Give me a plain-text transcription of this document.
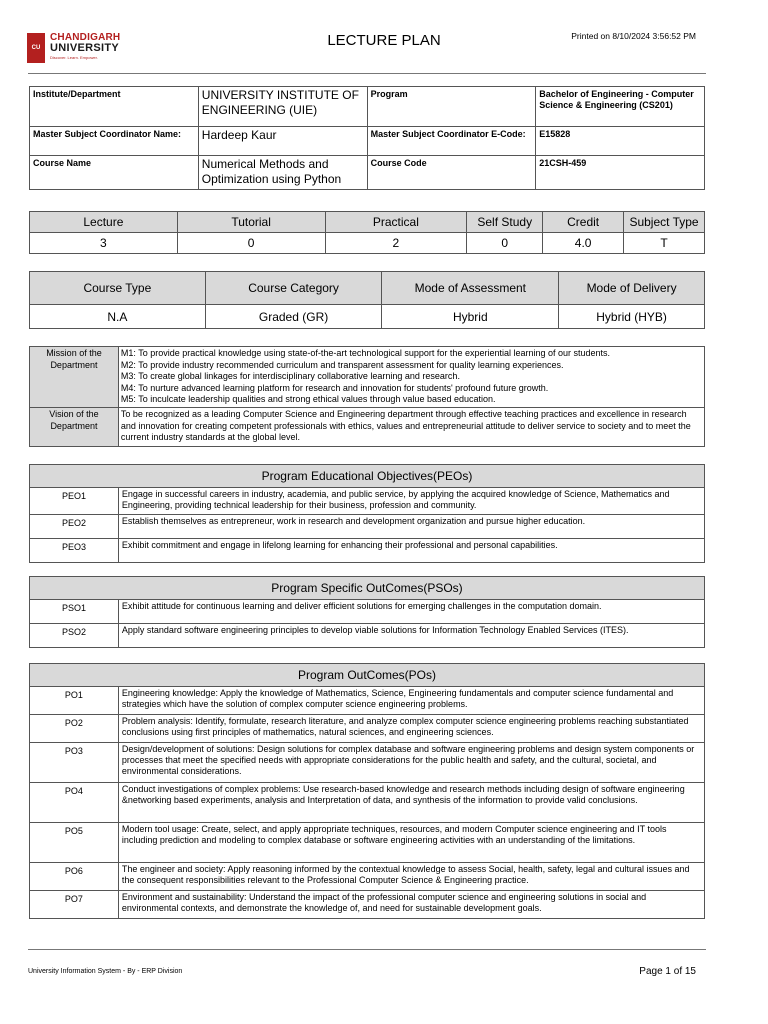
CU
CHANDIGARH
UNIVERSITY
Discover. Learn. Empower.
LECTURE PLAN	Printed on 8/10/2024 3:56:52 PM
Institute/Department	UNIVERSITY INSTITUTE OF ENGINEERING (UIE)	Program	Bachelor of Engineering - Computer Science & Engineering (CS201)
Master Subject Coordinator Name:	Hardeep Kaur	Master Subject Coordinator E-Code:	E15828
Course Name	Numerical Methods and Optimization using Python	Course Code	21CSH-459
Lecture	Tutorial	Practical	Self Study	Credit	Subject Type
3	0	2	0	4.0	T
Course Type	Course Category	Mode of Assessment	Mode of Delivery
N.A	Graded (GR)	Hybrid	Hybrid (HYB)
Mission of the Department	M1: To provide practical knowledge using state-of-the-art technological support for the experiential learning of our students.
M2: To provide industry recommended curriculum and transparent assessment for quality learning experiences.
M3: To create global linkages for interdisciplinary collaborative learning and research.
M4: To nurture advanced learning platform for research and innovation for students' profound future growth.
M5: To inculcate leadership qualities and strong ethical values through value based education.

Vision of the Department	To be recognized as a leading Computer Science and Engineering department through effective teaching practices and excellence in research and innovation for creating competent professionals with ethics, values and entrepreneurial attitude to deliver service to society and to meet the current industry standards at the global level.
Program Educational Objectives(PEOs)	
PEO1	Engage in successful careers in industry, academia, and public service, by applying the acquired knowledge of Science, Mathematics and Engineering, providing technical leadership for their business, profession and community.
PEO2	Establish themselves as entrepreneur, work in research and development organization and pursue higher education.
PEO3	Exhibit commitment and engage in lifelong learning for enhancing their professional and personal capabilities.
Program Specific OutComes(PSOs)	
PSO1	Exhibit attitude for continuous learning and deliver efficient solutions for emerging challenges in the computation domain.
PSO2	Apply standard software engineering principles to develop viable solutions for Information Technology Enabled Services (ITES).
Program OutComes(POs)	
PO1	Engineering knowledge: Apply the knowledge of Mathematics, Science, Engineering fundamentals and computer science fundamental and strategies which have the solution of complex computer science engineering problems.
PO2	Problem analysis: Identify, formulate, research literature, and analyze complex computer science engineering problems reaching substantiated conclusions using first principles of mathematics, natural sciences, and engineering sciences.
PO3	Design/development of solutions: Design solutions for complex database and software engineering problems and design system components or processes that meet the specified needs with appropriate considerations for the public health and safety, and the cultural, societal, and environmental considerations.
PO4	Conduct investigations of complex problems: Use research-based knowledge and research methods including design of software engineering &networking based experiments, analysis and Interpretation of data, and synthesis of the information to provide valid conclusions.
PO5	Modern tool usage: Create, select, and apply appropriate techniques, resources, and modern Computer science engineering and IT tools including prediction and modeling to complex database or software engineering activities with an understanding of the limitations.
PO6	The engineer and society: Apply reasoning informed by the contextual knowledge to assess Social, health, safety, legal and cultural issues and the consequent responsibilities relevant to the Professional Computer Science & Engineering practice.
PO7	Environment and sustainability: Understand the impact of the professional computer science and engineering solutions in social and environmental contexts, and demonstrate the knowledge of, and need for sustainable development goals.
University Information System - By - ERP Division	Page 1 of 15
